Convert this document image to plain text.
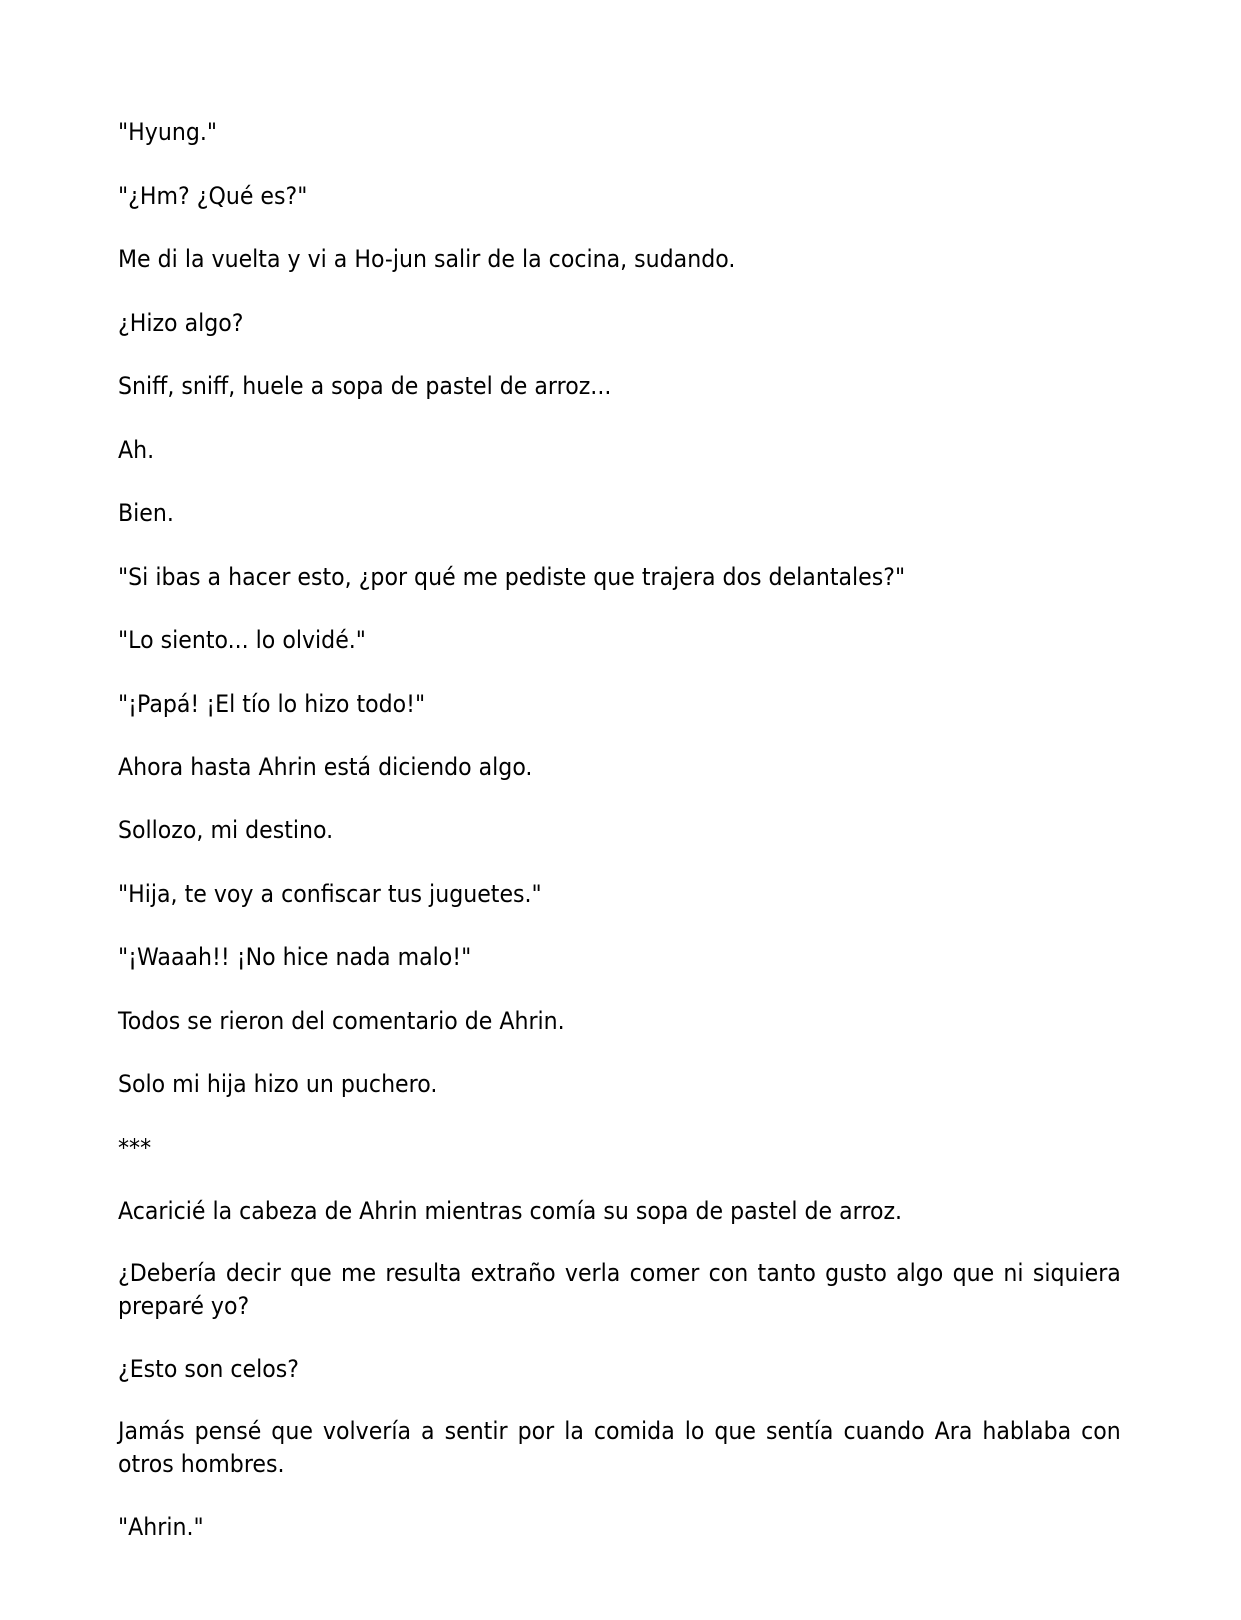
"Hyung."

"¿Hm? ¿Qué es?"

Me di la vuelta y vi a Ho-jun salir de la cocina, sudando.

¿Hizo algo?

Sniff, sniff, huele a sopa de pastel de arroz...

Ah.

Bien.

"Si ibas a hacer esto, ¿por qué me pediste que trajera dos delantales?"

"Lo siento... lo olvidé."

"¡Papá! ¡El tío lo hizo todo!"

Ahora hasta Ahrin está diciendo algo.

Sollozo, mi destino.

"Hija, te voy a confiscar tus juguetes."

"¡Waaah!! ¡No hice nada malo!"

Todos se rieron del comentario de Ahrin.

Solo mi hija hizo un puchero.

***

Acaricié la cabeza de Ahrin mientras comía su sopa de pastel de arroz.

¿Debería decir que me resulta extraño verla comer con tanto gusto algo que ni siquiera preparé yo?

¿Esto son celos?

Jamás pensé que volvería a sentir por la comida lo que sentía cuando Ara hablaba con otros hombres.

"Ahrin."
